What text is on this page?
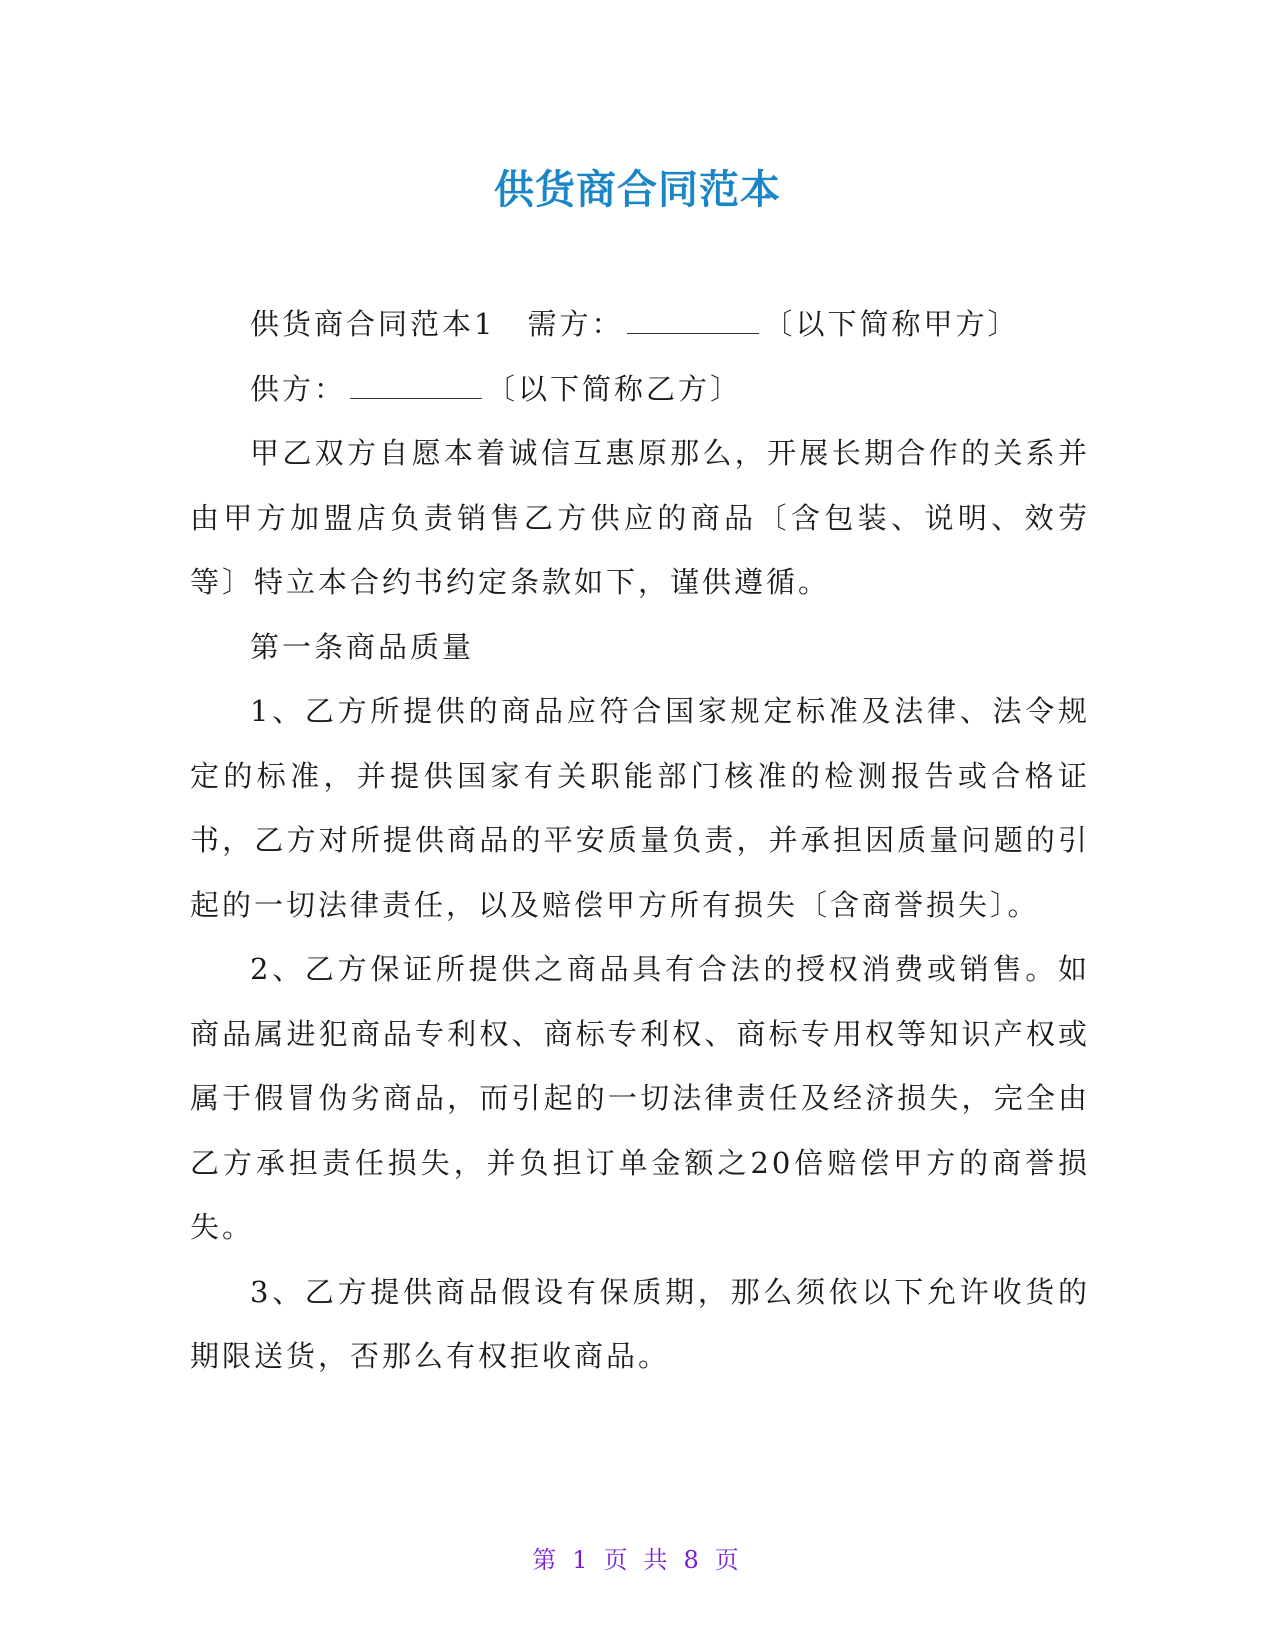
供货商合同范本

供货商合同范本1　需方：	〔以下简称甲方〕

供方：	〔以下简称乙方〕

甲乙双方自愿本着诚信互惠原那么，开展长期合作的关系并由甲方加盟店负责销售乙方供应的商品〔含包装、说明、效劳等〕特立本合约书约定条款如下，谨供遵循。

第一条商品质量

1、乙方所提供的商品应符合国家规定标准及法律、法令规定的标准，并提供国家有关职能部门核准的检测报告或合格证书，乙方对所提供商品的平安质量负责，并承担因质量问题的引起的一切法律责任，以及赔偿甲方所有损失〔含商誉损失〕。

2、乙方保证所提供之商品具有合法的授权消费或销售。如商品属进犯商品专利权、商标专利权、商标专用权等知识产权或属于假冒伪劣商品，而引起的一切法律责任及经济损失，完全由乙方承担责任损失，并负担订单金额之20倍赔偿甲方的商誉损失。

3、乙方提供商品假设有保质期，那么须依以下允许收货的期限送货，否那么有权拒收商品。

第 1 页 共 8 页
